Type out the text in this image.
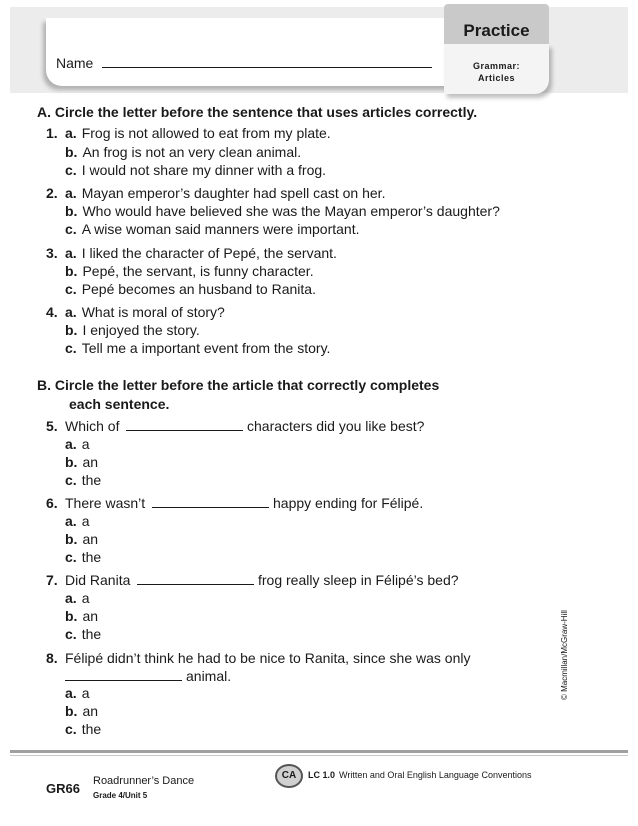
Name
Practice
Grammar:
Articles
A. Circle the letter before the sentence that uses articles correctly.
1. a. Frog is not allowed to eat from my plate.
b. An frog is not an very clean animal.
c. I would not share my dinner with a frog.
2. a. Mayan emperor’s daughter had spell cast on her.
b. Who would have believed she was the Mayan emperor’s daughter?
c. A wise woman said manners were important.
3. a. I liked the character of Pepé, the servant.
b. Pepé, the servant, is funny character.
c. Pepé becomes an husband to Ranita.
4. a. What is moral of story?
b. I enjoyed the story.
c. Tell me a important event from the story.
B. Circle the letter before the article that correctly completes
each sentence.
5. Which of	characters did you like best?
a. a
b. an
c. the
6. There wasn’t	happy ending for Félipé.
a. a
b. an
c. the
7. Did Ranita	frog really sleep in Félipé’s bed?
a. a
b. an
c. the
8. Félipé didn’t think he had to be nice to Ranita, since she was only
animal.
a. a
b. an
c. the
© Macmillan/McGraw-Hill
GR66 Roadrunner’s Dance
Grade 4/Unit 5
CA	LC 1.0 Written and Oral English Language Conventions
